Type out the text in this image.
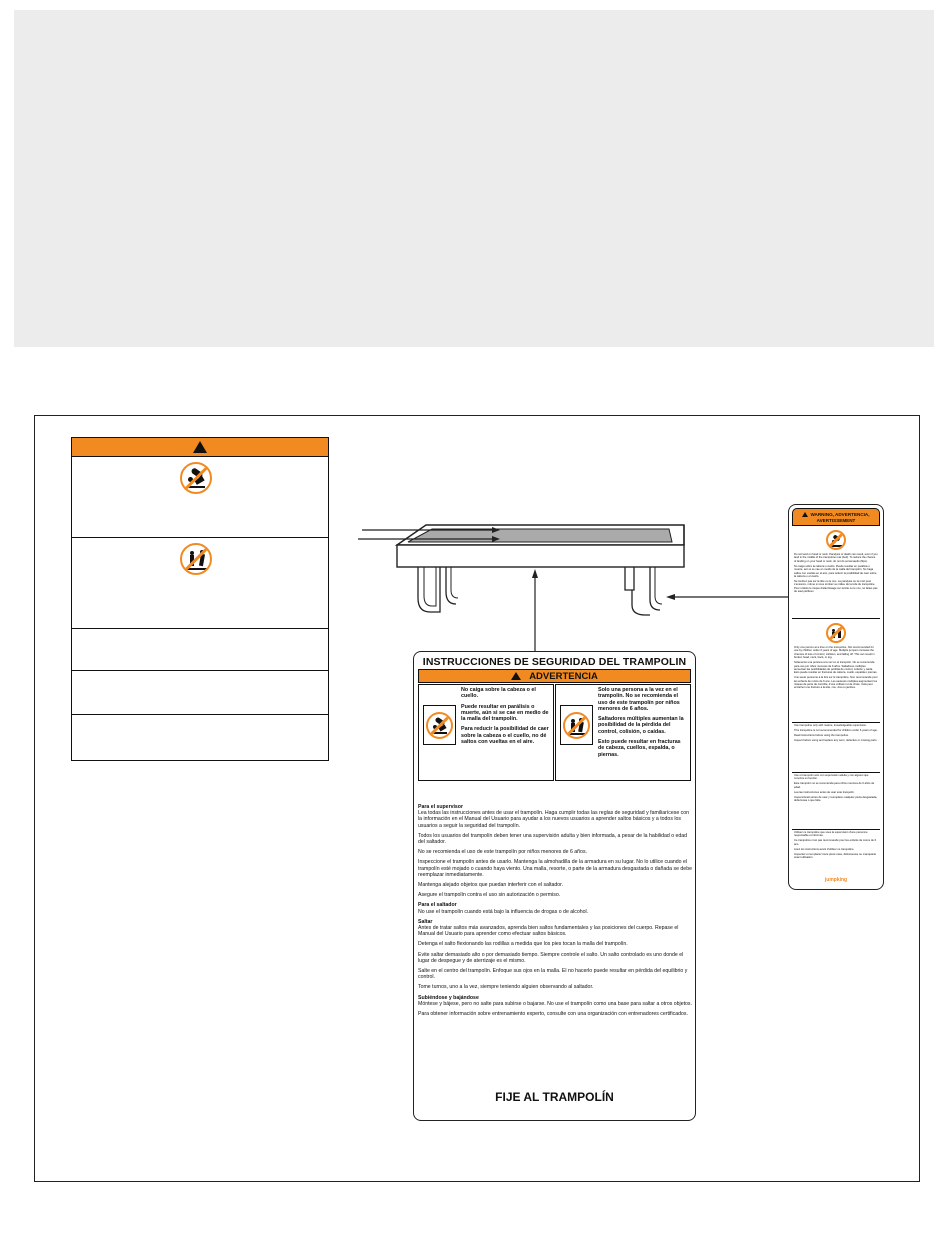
INSTRUCCIONES DE SEGURIDAD DEL TRAMPOLIN
ADVERTENCIA

No caiga sobre la cabeza o el cuello.

Puede resultar en parálisis o muerte, aún si se cae en medio de la malla del trampolín.

Para reducir la posibilidad de caer sobre la cabeza o el cuello, no dé saltos con vueltas en el aire.

Solo una persona a la vez en el trampolín. No se recomienda el uso de este trampolín por niños menores de 6 años.

Saltadores múltiples aumentan la posibilidad de la pérdida del control, colisión, o caídas.

Esto puede resultar en fracturas de cabeza, cuellos, espalda, o piernas.

Para el supervisor
Lea todas las instrucciones antes de usar el trampolín. Haga cumplir todas las reglas de seguridad y familiarícese con la información en el Manual del Usuario para ayudar a los nuevos usuarios a aprender saltos básicos y a todos los usuarios a seguir la seguridad del trampolín.

Todos los usuarios del trampolín deben tener una supervisión adulta y bien informada, a pesar de la habilidad o edad del saltador.

No se recomienda el uso de este trampolín por niños menores de 6 años.

Inspeccione el trampolín antes de usarlo. Mantenga la almohadilla de la armadura en su lugar. No lo utilice cuando el trampolín esté mojado o cuando haya viento. Una malla, resorte, o parte de la armadura desgastada o dañada se debe reemplazar inmediatamente.

Mantenga alejado objetos que puedan interferir con el saltador.

Asegure el trampolín contra el uso sin autorización o permiso.

Para el saltador
No use el trampolín cuando está bajo la influencia de drogas o de alcohol.

Saltar
Antes de tratar saltos más avanzados, aprenda bien saltos fundamentales y las posiciones del cuerpo. Repase el Manual del Usuario para aprender como efectuar saltos básicos.

Detenga el salto flexionando las rodillas a medida que los pies tocan la malla del trampolín.

Evite saltar demasiado alto o por demasiado tiempo. Siempre controle el salto. Un salto controlado es uno donde el lugar de despegue y de aterrizaje es el mismo.

Salte en el centro del trampolín. Enfoque sus ojos en la malla. El no hacerlo puede resultar en pérdida del equilibrio y control.

Tome turnos, uno a la vez, siempre teniendo alguien observando al saltador.

Subiéndose y bajándose
Móntese y bájese, pero no salte para subirse o bajarse. No use el trampolín como una base para saltar a otros objetos.

Para obtener información sobre entrenamiento experto, consulte con una organización con entrenadores certificados.

FIJE AL TRAMPOLÍN
WARNING, ADVERTENCIA, AVERTISSEMENT

Do not land on head or neck. Paralysis or death can result, even if you land in the middle of the trampoline mat (bed). To reduce the chance of landing on your head or neck, do not do somersaults (flips).

No caiga sobre la cabeza o cuello. Puede resultar en parálisis o muerte, aún si se cae en medio de la malla del trampolín. No haga saltos con vueltas en el aire, para reducir la posibilidad de caer sobre la cabeza o el cuello.

Ne tombez pas sur la tête ou le cou. La paralysie ou la mort peut s'ensuivre, même si vous tombez au milieu de la toile du trampoline. Pour réduire le risque d'atterrissage sur la tête ou le cou, ne faites pas de saut périlleux.

Only one person at a time on the trampoline. Not recommended for use by children under 6 years of age. Multiple jumpers increase the chances of loss of control, collision, and falling off. This can result in broken head, neck, back, or leg.

Solamente una persona a la vez en el trampolín. No se recomienda para uso por niños menores de 6 años. Saltadores múltiples aumentan las posibilidades de pérdida de control, colisión y caída. Esto puede resultar en fracturas de cabeza, cuello, espalda o piernas.

Une seule personne à la fois sur le trampoline. Non recommandé pour les enfants de moins de 6 ans. Les sauteurs multiples augmentent les risques de perte de contrôle, d'une collision et de chute. Cela peut entraîner une fracture à la tête, cou, dos ou jambes.

Use trampoline only with mature, knowledgeable supervision.

This trampoline is not recommended for children under 6 years of age.

Read instructions before using the trampoline.

Inspect before using and replace any worn, defective or missing parts.

Use el trampolín solo con supervisión adulta y con alguien que conozca su función.

Este trampolín no se recomienda para niños menores de 6 años de edad.

Lea las instrucciones antes de usar este trampolín.

Inspecciónelo antes de usar y reemplace cualquier pieza desgastada, defectuosa o que falte.

Utilisez ce trampoline que sous la supervision d'une personne responsable et informée.

Ce trampoline n'est pas recommandé pour les enfants de moins de 6 ans.

Lisez les instructions avant d'utiliser ce trampoline.

Inspectez et remplacez toute pièce usée, défectueuse ou manquante avant utilisation.

jumpking
